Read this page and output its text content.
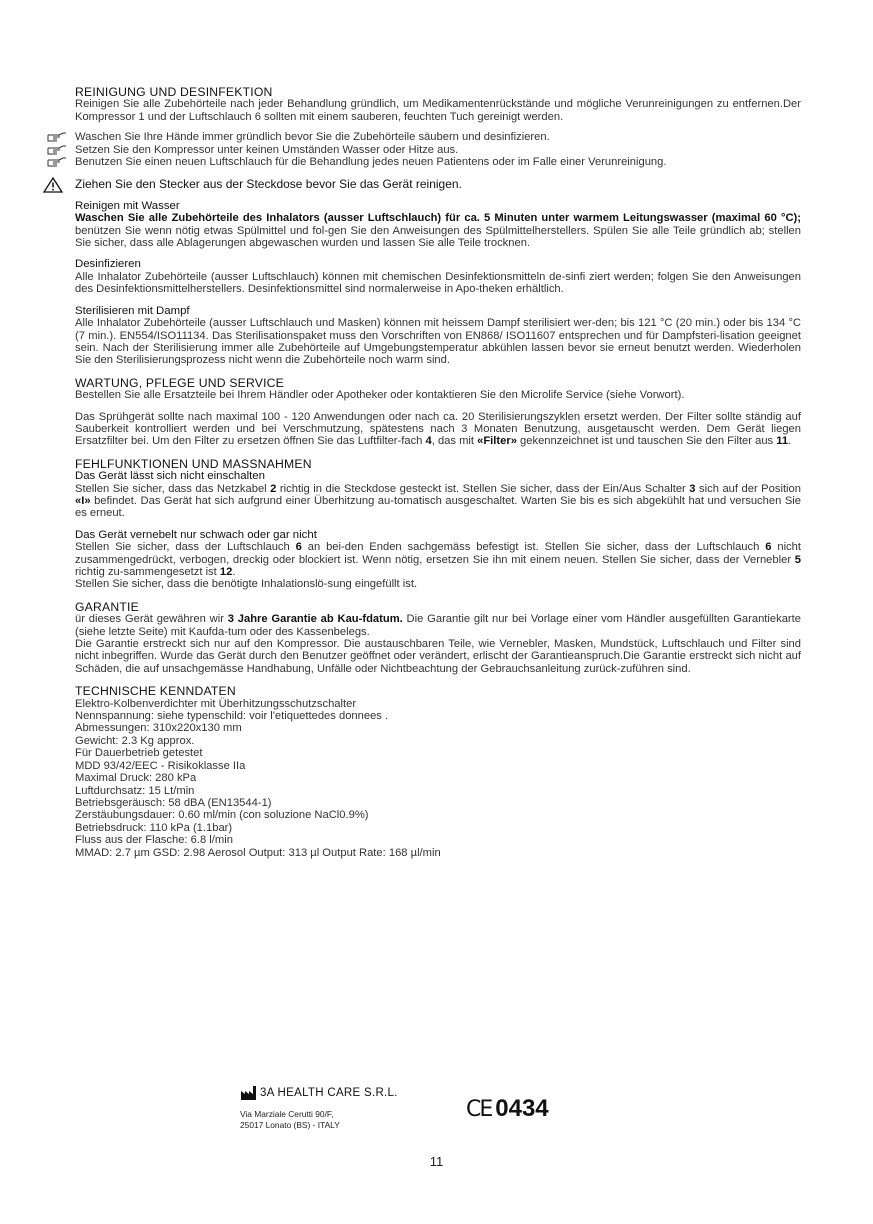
REINIGUNG UND DESINFEKTION

Reinigen Sie alle Zubehörteile nach jeder Behandlung gründlich, um Medikamentenrückstände und mögliche Verunreinigungen zu entfernen.Der Kompressor 1 und der Luftschlauch 6 sollten mit einem sauberen, feuchten Tuch gereinigt werden.

Waschen Sie Ihre Hände immer gründlich bevor Sie die Zubehörteile säubern und desinfizieren.
Setzen Sie den Kompressor unter keinen Umständen Wasser oder Hitze aus.
Benutzen Sie einen neuen Luftschlauch für die Behandlung jedes neuen Patientens oder im Falle einer Verunreinigung.
Ziehen Sie den Stecker aus der Steckdose bevor Sie das Gerät reinigen.
Reinigen mit Wasser

Waschen Sie alle Zubehörteile des Inhalators (ausser Luftschlauch) für ca. 5 Minuten unter warmem Leitungswasser (maximal 60 °C); benützen Sie wenn nötig etwas Spülmittel und fol-gen Sie den Anweisungen des Spülmittelherstellers. Spülen Sie alle Teile gründlich ab; stellen Sie sicher, dass alle Ablagerungen abgewaschen wurden und lassen Sie alle Teile trocknen.

Desinfizieren

Alle Inhalator Zubehörteile (ausser Luftschlauch) können mit chemischen Desinfektionsmitteln de-sinfi ziert werden; folgen Sie den Anweisungen des Desinfektionsmittelherstellers. Desinfektionsmittel sind normalerweise in Apo-theken erhältlich.

Sterilisieren mit Dampf

Alle Inhalator Zubehörteile (ausser Luftschlauch und Masken) können mit heissem Dampf sterilisiert wer-den; bis 121 °C (20 min.) oder bis 134 °C (7 min.). EN554/ISO11134. Das Sterilisationspaket muss den Vorschriften von EN868/ ISO11607 entsprechen und für Dampfsteri-lisation geeignet sein. Nach der Sterilisierung immer alle Zubehörteile auf Umgebungstemperatur abkühlen lassen bevor sie erneut benutzt werden. Wiederholen Sie den Sterilisierungsprozess nicht wenn die Zubehörteile noch warm sind.

WARTUNG, PFLEGE UND SERVICE

Bestellen Sie alle Ersatzteile bei Ihrem Händler oder Apotheker oder kontaktieren Sie den Microlife Service (siehe Vorwort).

Das Sprühgerät sollte nach maximal 100 - 120 Anwendungen oder nach ca. 20 Sterilisierungszyklen ersetzt werden. Der Filter sollte ständig auf Sauberkeit kontrolliert werden und bei Verschmutzung, spätestens nach 3 Monaten Benutzung, ausgetauscht werden. Dem Gerät liegen Ersatzfilter bei. Um den Filter zu ersetzen öffnen Sie das Luftfilter-fach 4, das mit «Filter» gekennzeichnet ist und tauschen Sie den Filter aus 11.

FEHLFUNKTIONEN UND MASSNAHMEN
Das Gerät lässt sich nicht einschalten

Stellen Sie sicher, dass das Netzkabel 2 richtig in die Steckdose gesteckt ist. Stellen Sie sicher, dass der Ein/Aus Schalter 3 sich auf der Position «I» befindet. Das Gerät hat sich aufgrund einer Überhitzung au-tomatisch ausgeschaltet. Warten Sie bis es sich abgekühlt hat und versuchen Sie es erneut.

Das Gerät vernebelt nur schwach oder gar nicht

Stellen Sie sicher, dass der Luftschlauch 6 an bei-den Enden sachgemäss befestigt ist. Stellen Sie sicher, dass der Luftschlauch 6 nicht zusammengedrückt, verbogen, dreckig oder blockiert ist. Wenn nötig, ersetzen Sie ihn mit einem neuen. Stellen Sie sicher, dass der Vernebler 5 richtig zu-sammengesetzt ist 12.

Stellen Sie sicher, dass die benötigte Inhalationslö-sung eingefüllt ist.

GARANTIE

ür dieses Gerät gewähren wir 3 Jahre Garantie ab Kau-fdatum. Die Garantie gilt nur bei Vorlage einer vom Händler ausgefüllten Garantiekarte (siehe letzte Seite) mit Kaufda-tum oder des Kassenbelegs.

Die Garantie erstreckt sich nur auf den Kompressor. Die austauschbaren Teile, wie Vernebler, Masken, Mundstück, Luftschlauch und Filter sind nicht inbegriffen. Wurde das Gerät durch den Benutzer geöffnet oder verändert, erlischt der Garantieanspruch.Die Garantie erstreckt sich nicht auf Schäden, die auf unsachgemässe Handhabung, Unfälle oder Nichtbeachtung der Gebrauchsanleitung zurück-zuführen sind.

TECHNISCHE KENNDATEN

Elektro-Kolbenverdichter mit Überhitzungsschutzschalter

Nennspannung: siehe typenschild: voir l'etiquettedes donnees .

Abmessungen: 310x220x130 mm

Gewicht: 2.3 Kg approx.

Für Dauerbetrieb getestet

MDD 93/42/EEC - Risikoklasse IIa

Maximal Druck: 280 kPa

Luftdurchsatz: 15 Lt/min

Betriebsgeräusch: 58 dBA (EN13544-1)

Zerstäubungsdauer: 0.60 ml/min (con soluzione NaCl0.9%)

Betriebsdruck: 110 kPa (1.1bar)

Fluss aus der Flasche: 6.8 l/min

MMAD: 2.7 µm GSD: 2.98 Aerosol Output: 313 µl Output Rate: 168 µl/min

3A HEALTH CARE S.R.L.
Via Marziale Cerutti 90/F,
25017 Lonato (BS) - ITALY
CE 0434
11
